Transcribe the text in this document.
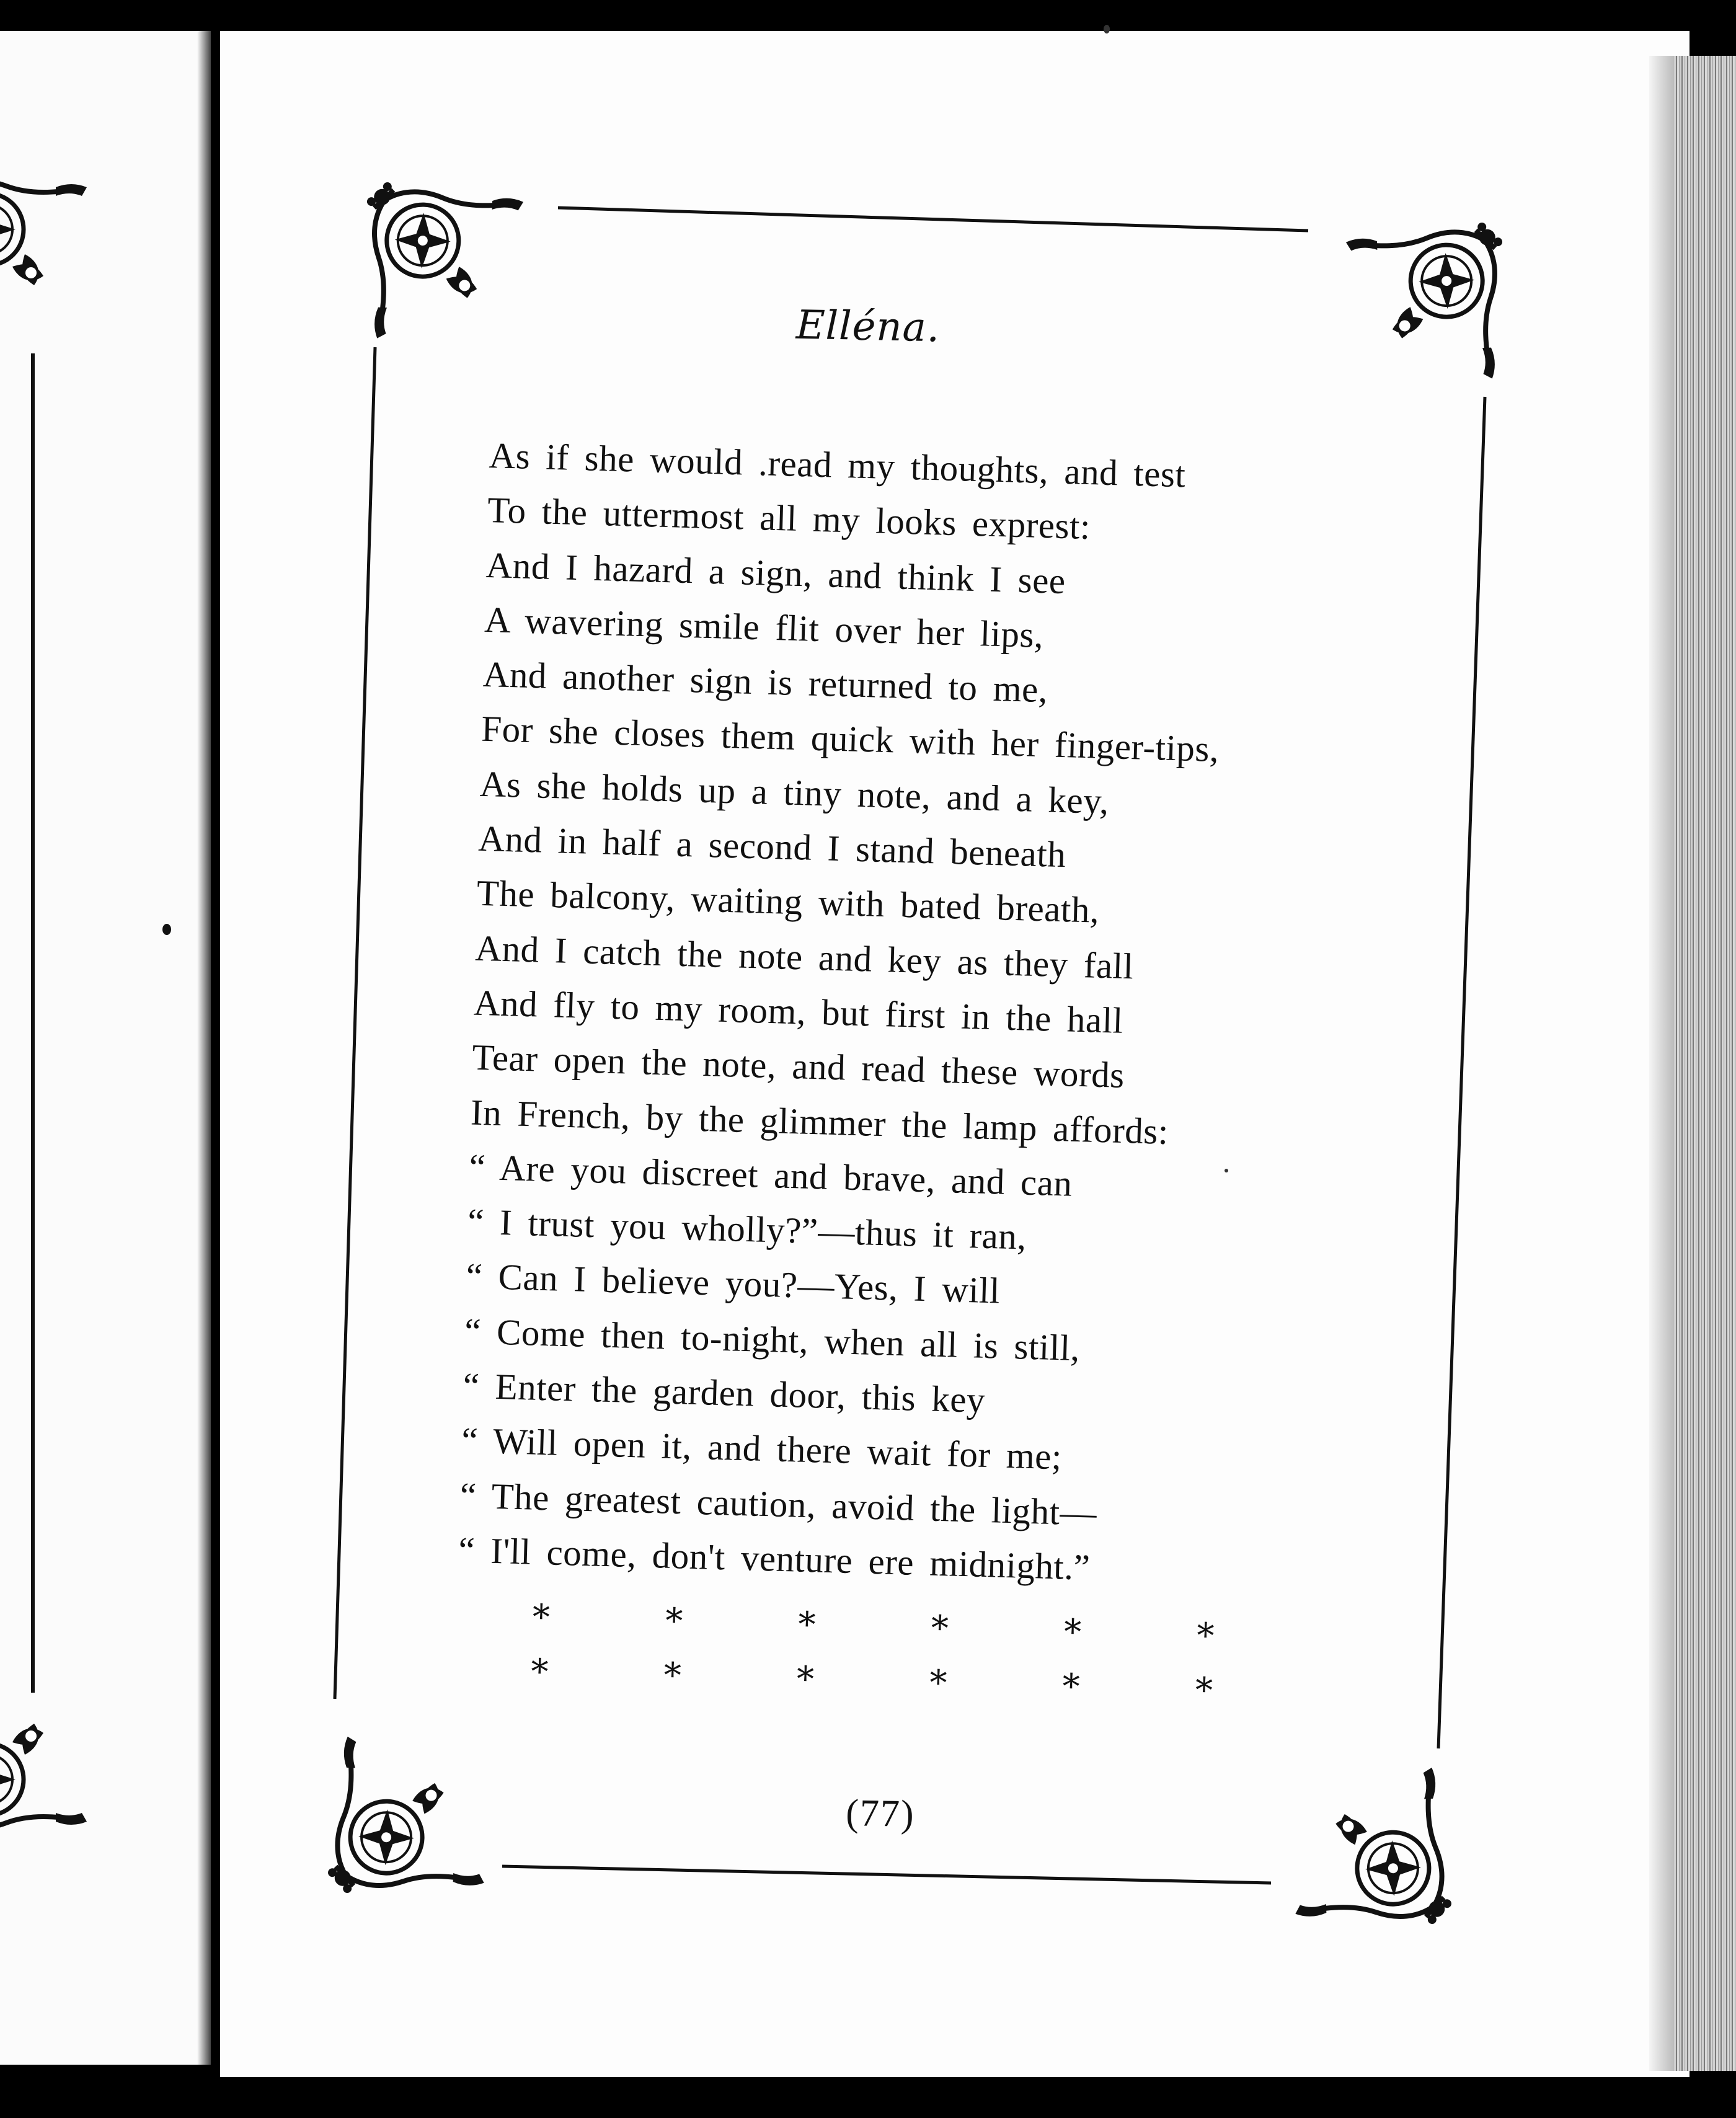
Elléna.
As if she would .read my thoughts, and test
To the uttermost all my looks exprest:
And I hazard a sign, and think I see
A wavering smile flit over her lips,
And another sign is returned to me,
For she closes them quick with her finger-tips,
As she holds up a tiny note, and a key,
And in half a second I stand beneath
The balcony, waiting with bated breath,
And I catch the note and key as they fall
And fly to my room, but first in the hall
Tear open the note, and read these words
In French, by the glimmer the lamp affords:
“ Are you discreet and brave, and can
“ I trust you wholly?”—thus it ran,
“ Can I believe you?—Yes, I will
“ Come then to-night, when all is still,
“ Enter the garden door, this key
“ Will open it, and there wait for me;
“ The greatest caution, avoid the light—
“ I'll come, don't venture ere midnight.”
*	*	*	*	*	*
*	*	*	*	*	*
(77)
